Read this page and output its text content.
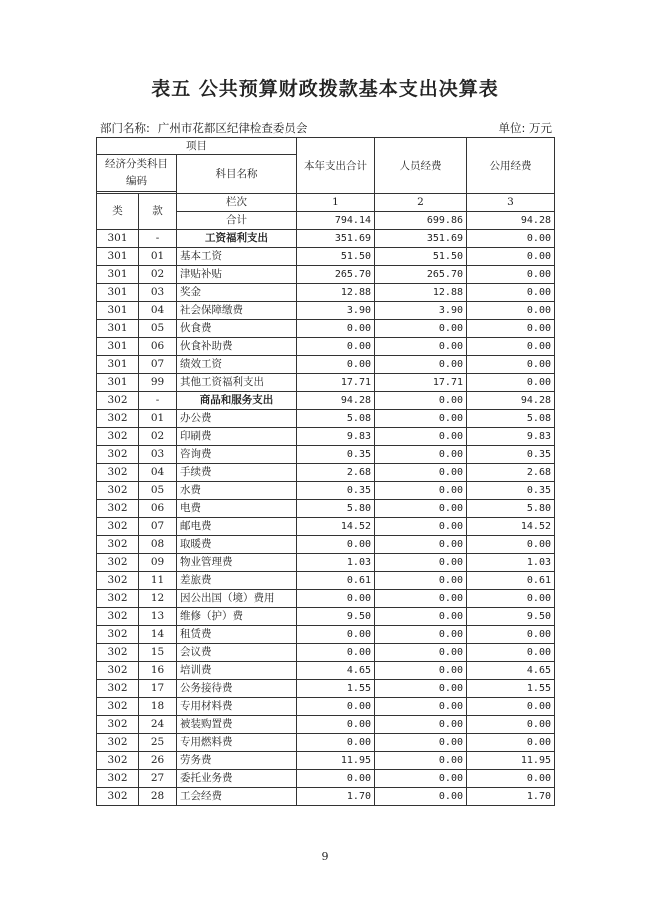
表五 公共预算财政拨款基本支出决算表
部门名称: 广州市花都区纪律检查委员会	单位: 万元
项目			本年支出合计	人员经费	公用经费
经济分类科目编码		科目名称			

类	款	栏次	1	2	3
		合计	794.14	699.86	94.28
301	-	工资福利支出	351.69	351.69	0.00
301	01	基本工资	51.50	51.50	0.00
301	02	津贴补贴	265.70	265.70	0.00
301	03	奖金	12.88	12.88	0.00
301	04	社会保障缴费	3.90	3.90	0.00
301	05	伙食费	0.00	0.00	0.00
301	06	伙食补助费	0.00	0.00	0.00
301	07	绩效工资	0.00	0.00	0.00
301	99	其他工资福利支出	17.71	17.71	0.00
302	-	商品和服务支出	94.28	0.00	94.28
302	01	办公费	5.08	0.00	5.08
302	02	印刷费	9.83	0.00	9.83
302	03	咨询费	0.35	0.00	0.35
302	04	手续费	2.68	0.00	2.68
302	05	水费	0.35	0.00	0.35
302	06	电费	5.80	0.00	5.80
302	07	邮电费	14.52	0.00	14.52
302	08	取暖费	0.00	0.00	0.00
302	09	物业管理费	1.03	0.00	1.03
302	11	差旅费	0.61	0.00	0.61
302	12	因公出国（境）费用	0.00	0.00	0.00
302	13	维修（护）费	9.50	0.00	9.50
302	14	租赁费	0.00	0.00	0.00
302	15	会议费	0.00	0.00	0.00
302	16	培训费	4.65	0.00	4.65
302	17	公务接待费	1.55	0.00	1.55
302	18	专用材料费	0.00	0.00	0.00
302	24	被装购置费	0.00	0.00	0.00
302	25	专用燃料费	0.00	0.00	0.00
302	26	劳务费	11.95	0.00	11.95
302	27	委托业务费	0.00	0.00	0.00
302	28	工会经费	1.70	0.00	1.70
9
